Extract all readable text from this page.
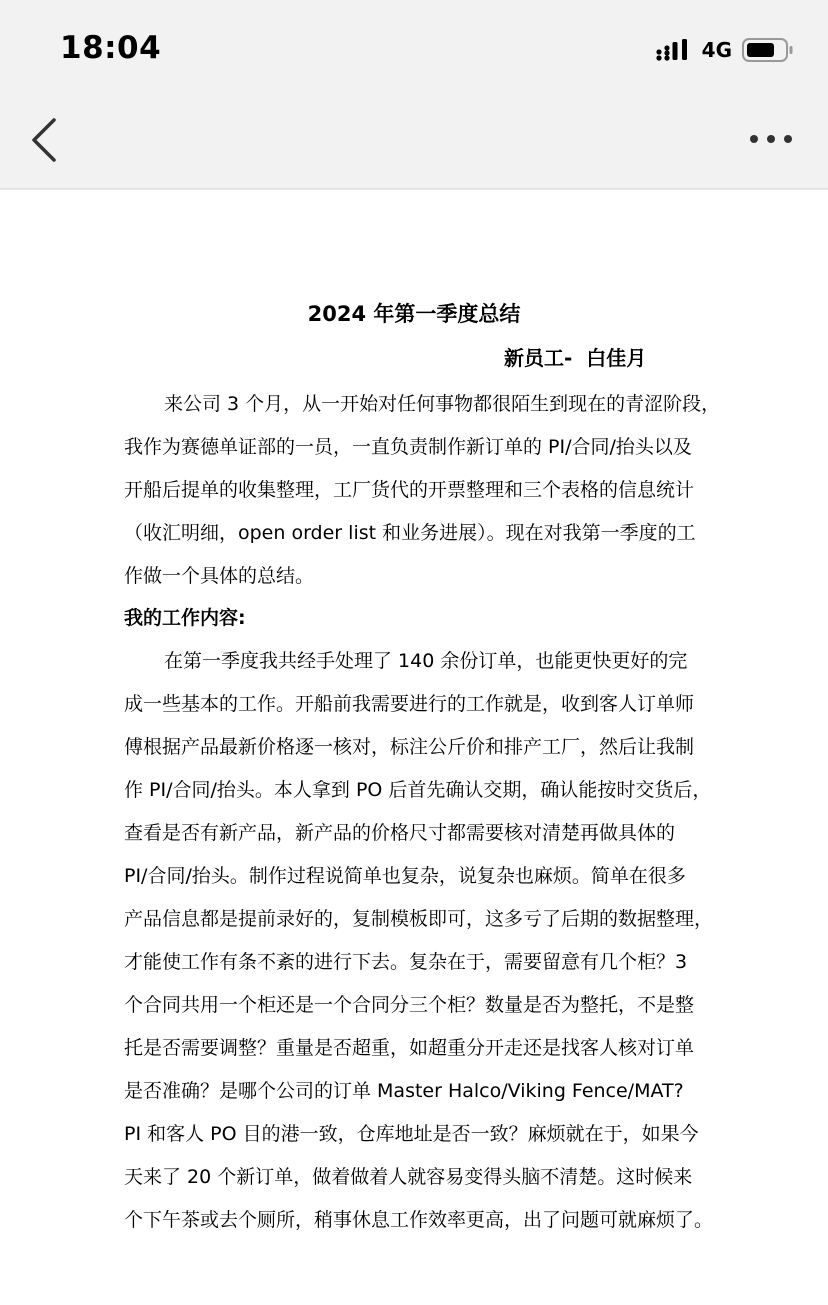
18:04	4G
2024 年第一季度总结
新员工-  白佳月
来公司 3 个月，从一开始对任何事物都很陌生到现在的青涩阶段，
我作为赛德单证部的一员，一直负责制作新订单的 PI/合同/抬头以及
开船后提单的收集整理，工厂货代的开票整理和三个表格的信息统计
（收汇明细，open order list 和业务进展）。现在对我第一季度的工
作做一个具体的总结。
我的工作内容:
在第一季度我共经手处理了 140 余份订单，也能更快更好的完
成一些基本的工作。开船前我需要进行的工作就是，收到客人订单师
傅根据产品最新价格逐一核对，标注公斤价和排产工厂，然后让我制
作 PI/合同/抬头。本人拿到 PO 后首先确认交期，确认能按时交货后，
查看是否有新产品，新产品的价格尺寸都需要核对清楚再做具体的
PI/合同/抬头。制作过程说简单也复杂，说复杂也麻烦。简单在很多
产品信息都是提前录好的，复制模板即可，这多亏了后期的数据整理，
才能使工作有条不紊的进行下去。复杂在于，需要留意有几个柜？3
个合同共用一个柜还是一个合同分三个柜？数量是否为整托，不是整
托是否需要调整？重量是否超重，如超重分开走还是找客人核对订单
是否准确？是哪个公司的订单 Master Halco/Viking Fence/MAT?
PI 和客人 PO 目的港一致，仓库地址是否一致？麻烦就在于，如果今
天来了 20 个新订单，做着做着人就容易变得头脑不清楚。这时候来
个下午茶或去个厕所，稍事休息工作效率更高，出了问题可就麻烦了。
